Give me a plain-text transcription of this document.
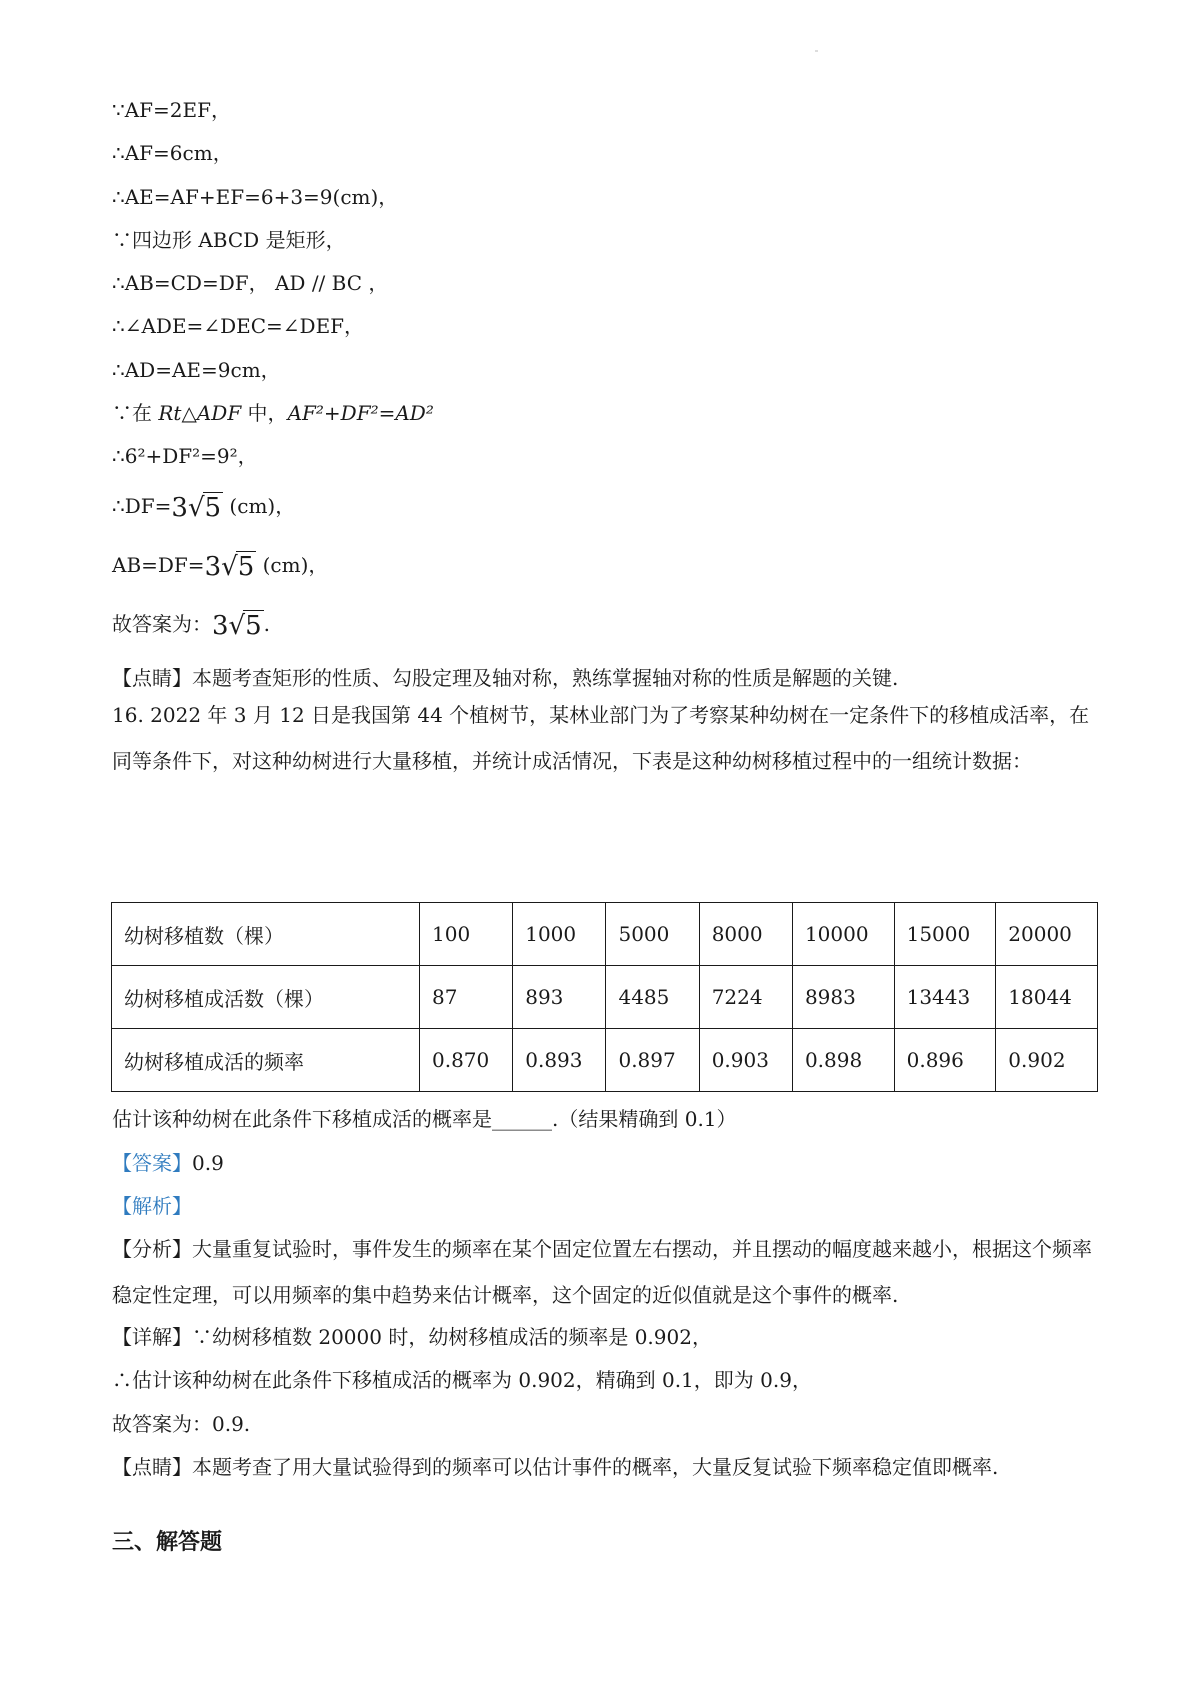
∵AF=2EF，
∴AF=6cm，
∴AE=AF+EF=6+3=9(cm)，
∵四边形 ABCD 是矩形，
∴AB=CD=DF， AD // BC ，
∴∠ADE=∠DEC=∠DEF，
∴AD=AE=9cm，
∵在 Rt△ADF 中，AF²+DF²=AD²
∴6²+DF²=9²，
∴DF=3√5 (cm)，
AB=DF=3√5 (cm)，
故答案为：3√5 .
【点睛】本题考查矩形的性质、勾股定理及轴对称，熟练掌握轴对称的性质是解题的关键.
16. 2022 年 3 月 12 日是我国第 44 个植树节，某林业部门为了考察某种幼树在一定条件下的移植成活率，在同等条件下，对这种幼树进行大量移植，并统计成活情况，下表是这种幼树移植过程中的一组统计数据：
幼树移植数（棵）	100	1000	5000	8000	10000	15000	20000
幼树移植成活数（棵）	87	893	4485	7224	8983	13443	18044
幼树移植成活的频率	0.870	0.893	0.897	0.903	0.898	0.896	0.902
估计该种幼树在此条件下移植成活的概率是______.（结果精确到 0.1）
【答案】0.9
【解析】
【分析】大量重复试验时，事件发生的频率在某个固定位置左右摆动，并且摆动的幅度越来越小，根据这个频率稳定性定理，可以用频率的集中趋势来估计概率，这个固定的近似值就是这个事件的概率.
【详解】∵幼树移植数 20000 时，幼树移植成活的频率是 0.902，
∴估计该种幼树在此条件下移植成活的概率为 0.902，精确到 0.1，即为 0.9，
故答案为：0.9.
【点睛】本题考查了用大量试验得到的频率可以估计事件的概率，大量反复试验下频率稳定值即概率.
三、解答题
